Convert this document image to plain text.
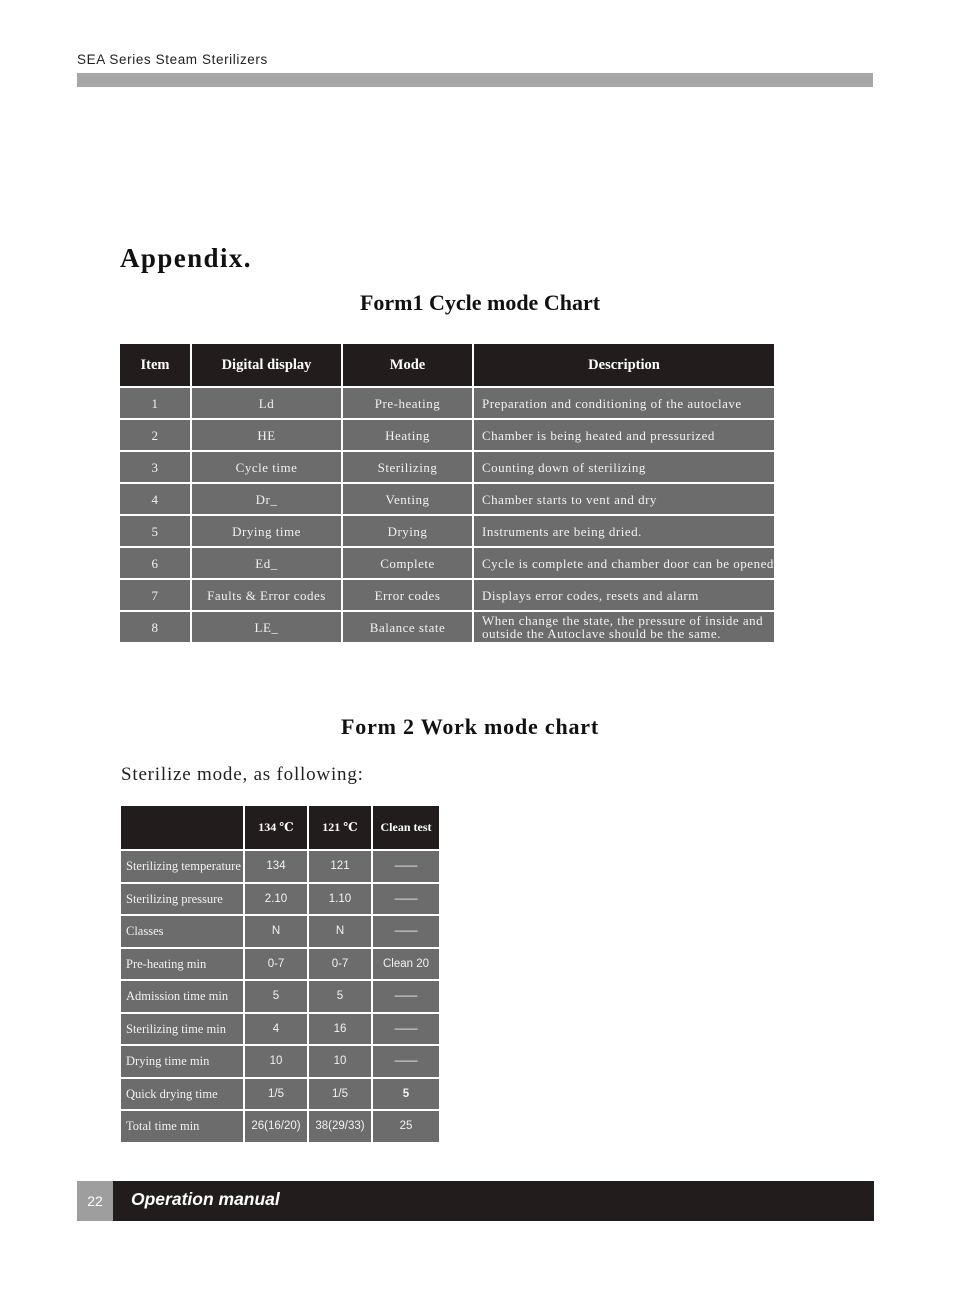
SEA Series Steam Sterilizers
Appendix.
Form1 Cycle mode Chart
Item	Digital display	Mode	Description
1	Ld	Pre-heating	Preparation and conditioning of the autoclave
2	HE	Heating	Chamber is being heated and pressurized
3	Cycle time	Sterilizing	Counting down of sterilizing
4	Dr_	Venting	Chamber starts to vent and dry
5	Drying time	Drying	Instruments are being dried.
6	Ed_	Complete	Cycle is complete and chamber door can be opened
7	Faults & Error codes	Error codes	Displays error codes, resets and alarm
8	LE_	Balance state	When change the state, the pressure of inside and outside the Autoclave should be the same.
Form 2 Work mode chart
Sterilize mode, as following:
	134 ℃	121 ℃	Clean test
Sterilizing temperature	134	121	——
Sterilizing pressure	2.10	1.10	——
Classes	N	N	——
Pre-heating min	0-7	0-7	Clean 20
Admission time min	5	5	——
Sterilizing time min	4	16	——
Drying time min	10	10	——
Quick drying time	1/5	1/5	5
Total time min	26(16/20)	38(29/33)	25
22	Operation manual
